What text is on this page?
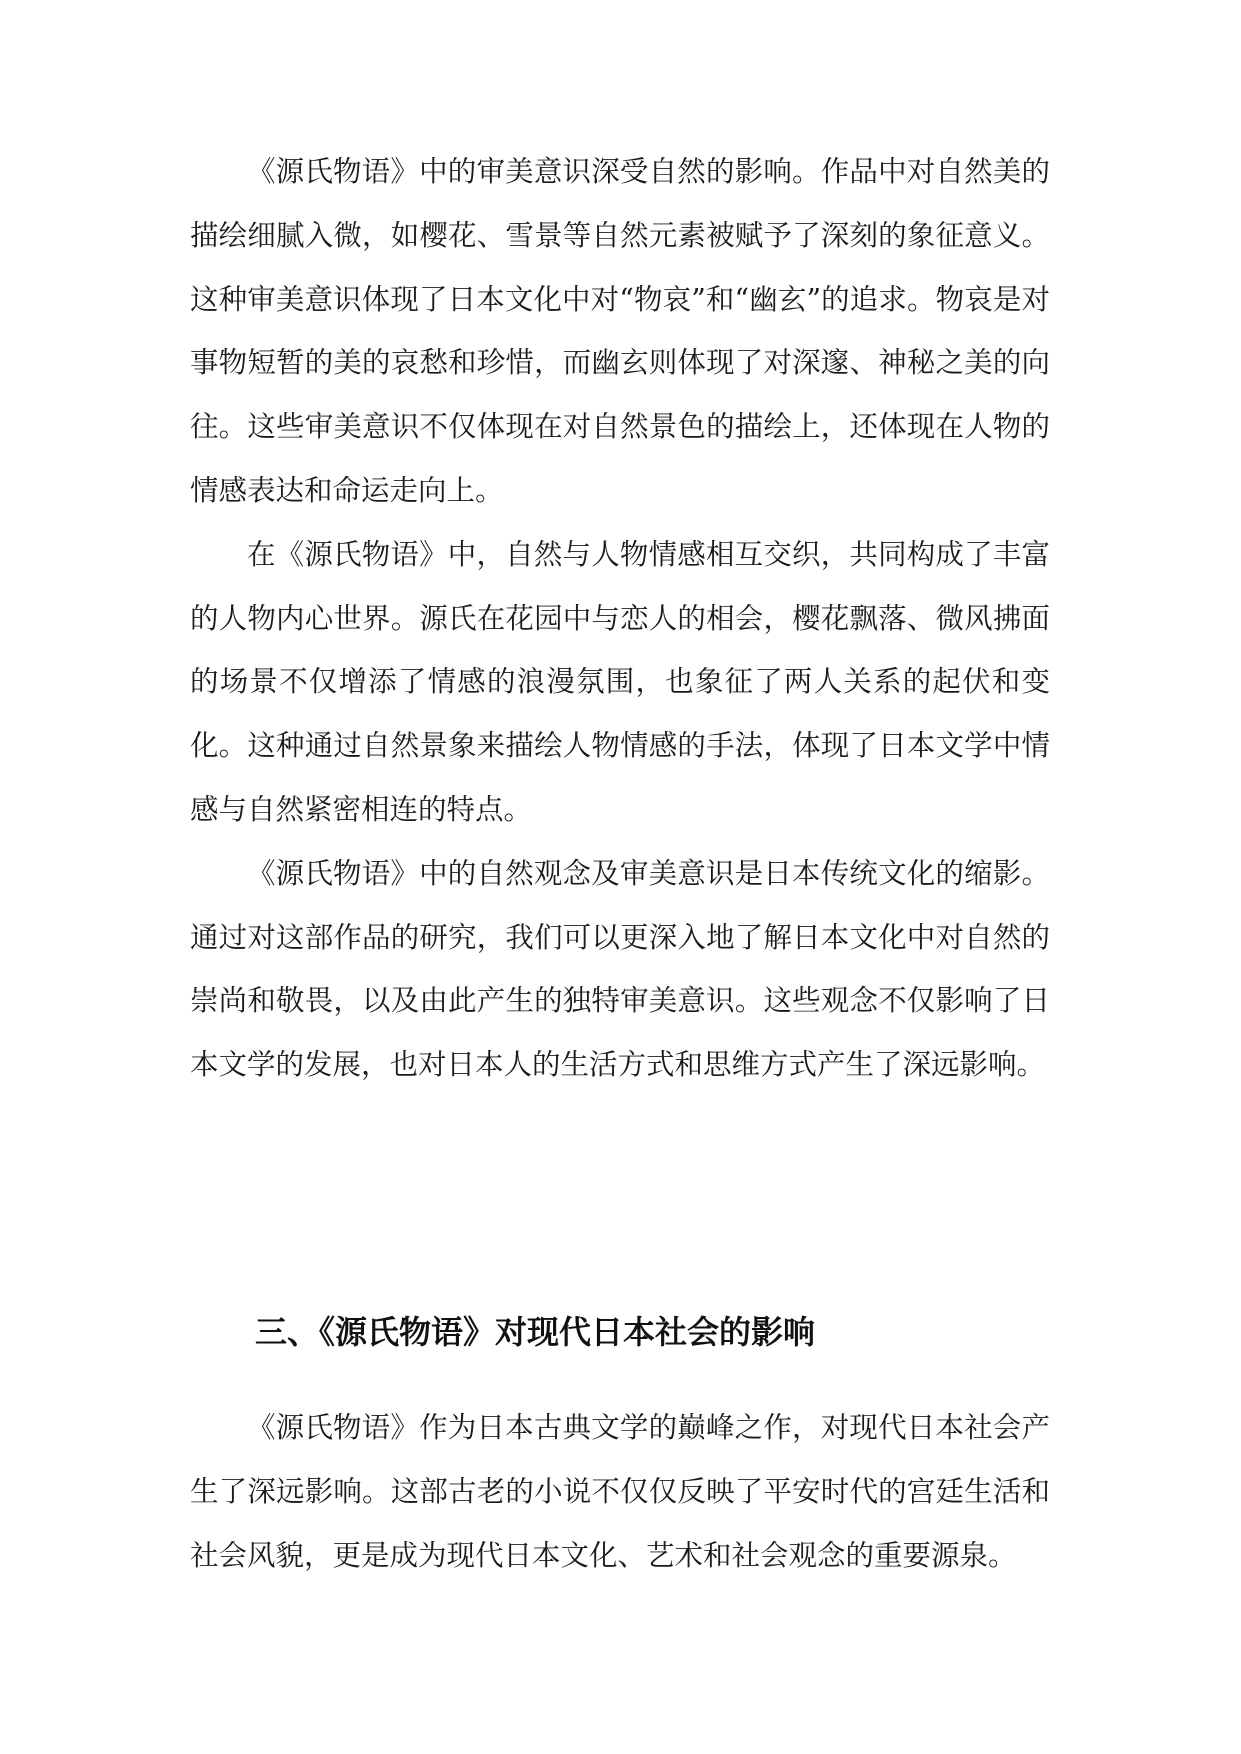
《源氏物语》中的审美意识深受自然的影响。作品中对自然美的描绘细腻入微，如樱花、雪景等自然元素被赋予了深刻的象征意义。这种审美意识体现了日本文化中对“物哀”和“幽玄”的追求。物哀是对事物短暂的美的哀愁和珍惜，而幽玄则体现了对深邃、神秘之美的向往。这些审美意识不仅体现在对自然景色的描绘上，还体现在人物的情感表达和命运走向上。

在《源氏物语》中，自然与人物情感相互交织，共同构成了丰富的人物内心世界。源氏在花园中与恋人的相会，樱花飘落、微风拂面的场景不仅增添了情感的浪漫氛围，也象征了两人关系的起伏和变化。这种通过自然景象来描绘人物情感的手法，体现了日本文学中情感与自然紧密相连的特点。

《源氏物语》中的自然观念及审美意识是日本传统文化的缩影。通过对这部作品的研究，我们可以更深入地了解日本文化中对自然的崇尚和敬畏，以及由此产生的独特审美意识。这些观念不仅影响了日本文学的发展，也对日本人的生活方式和思维方式产生了深远影响。

三、《源氏物语》对现代日本社会的影响

《源氏物语》作为日本古典文学的巅峰之作，对现代日本社会产生了深远影响。这部古老的小说不仅仅反映了平安时代的宫廷生活和社会风貌，更是成为现代日本文化、艺术和社会观念的重要源泉。
